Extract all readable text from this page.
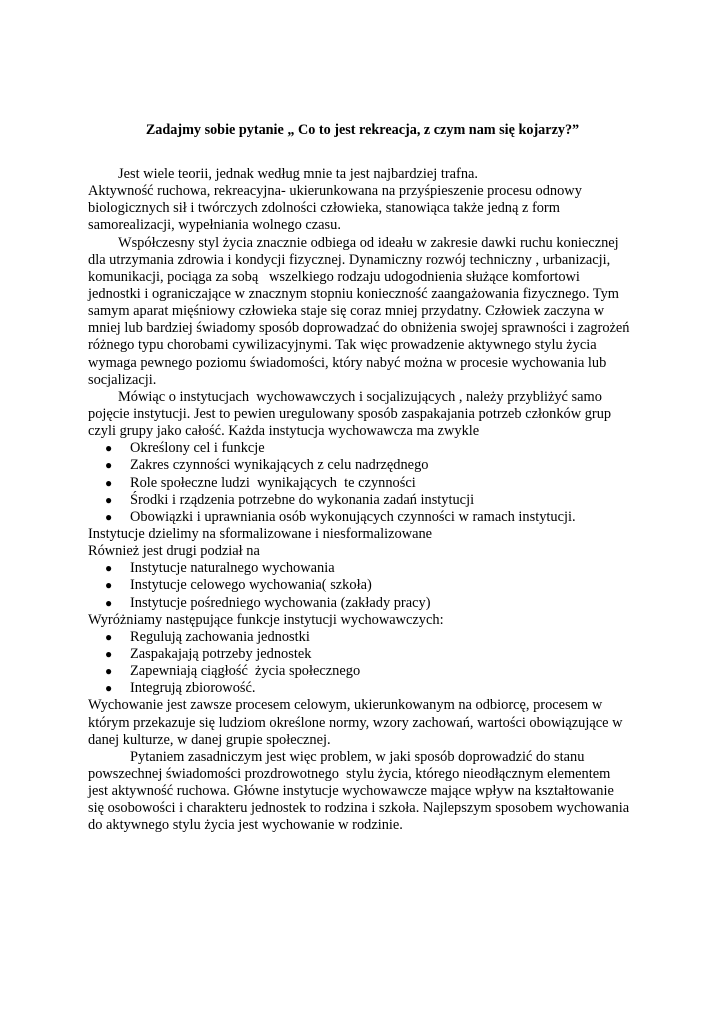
Zadajmy sobie pytanie „ Co to jest rekreacja, z czym nam się kojarzy?”
Jest wiele teorii, jednak według mnie ta jest najbardziej trafna.
Aktywność ruchowa, rekreacyjna- ukierunkowana na przyśpieszenie procesu odnowy
biologicznych sił i twórczych zdolności człowieka, stanowiąca także jedną z form
samorealizacji, wypełniania wolnego czasu.
Współczesny styl życia znacznie odbiega od ideału w zakresie dawki ruchu koniecznej
dla utrzymania zdrowia i kondycji fizycznej. Dynamiczny rozwój techniczny , urbanizacji,
komunikacji, pociąga za sobą   wszelkiego rodzaju udogodnienia służące komfortowi
jednostki i ograniczające w znacznym stopniu konieczność zaangażowania fizycznego. Tym
samym aparat mięśniowy człowieka staje się coraz mniej przydatny. Człowiek zaczyna w
mniej lub bardziej świadomy sposób doprowadzać do obniżenia swojej sprawności i zagrożeń
różnego typu chorobami cywilizacyjnymi. Tak więc prowadzenie aktywnego stylu życia
wymaga pewnego poziomu świadomości, który nabyć można w procesie wychowania lub
socjalizacji.
Mówiąc o instytucjach  wychowawczych i socjalizujących , należy przybliżyć samo
pojęcie instytucji. Jest to pewien uregulowany sposób zaspakajania potrzeb członków grup
czyli grupy jako całość. Każda instytucja wychowawcza ma zwykle
● Określony cel i funkcje
● Zakres czynności wynikających z celu nadrzędnego
● Role społeczne ludzi  wynikających  te czynności
● Środki i rządzenia potrzebne do wykonania zadań instytucji
● Obowiązki i uprawniania osób wykonujących czynności w ramach instytucji.
Instytucje dzielimy na sformalizowane i niesformalizowane
Również jest drugi podział na
● Instytucje naturalnego wychowania
● Instytucje celowego wychowania( szkoła)
● Instytucje pośredniego wychowania (zakłady pracy)
Wyróżniamy następujące funkcje instytucji wychowawczych:
● Regulują zachowania jednostki
● Zaspakajają potrzeby jednostek
● Zapewniają ciągłość  życia społecznego
● Integrują zbiorowość.
Wychowanie jest zawsze procesem celowym, ukierunkowanym na odbiorcę, procesem w
którym przekazuje się ludziom określone normy, wzory zachowań, wartości obowiązujące w
danej kulturze, w danej grupie społecznej.
Pytaniem zasadniczym jest więc problem, w jaki sposób doprowadzić do stanu
powszechnej świadomości prozdrowotnego  stylu życia, którego nieodłącznym elementem
jest aktywność ruchowa. Główne instytucje wychowawcze mające wpływ na kształtowanie
się osobowości i charakteru jednostek to rodzina i szkoła. Najlepszym sposobem wychowania
do aktywnego stylu życia jest wychowanie w rodzinie.
